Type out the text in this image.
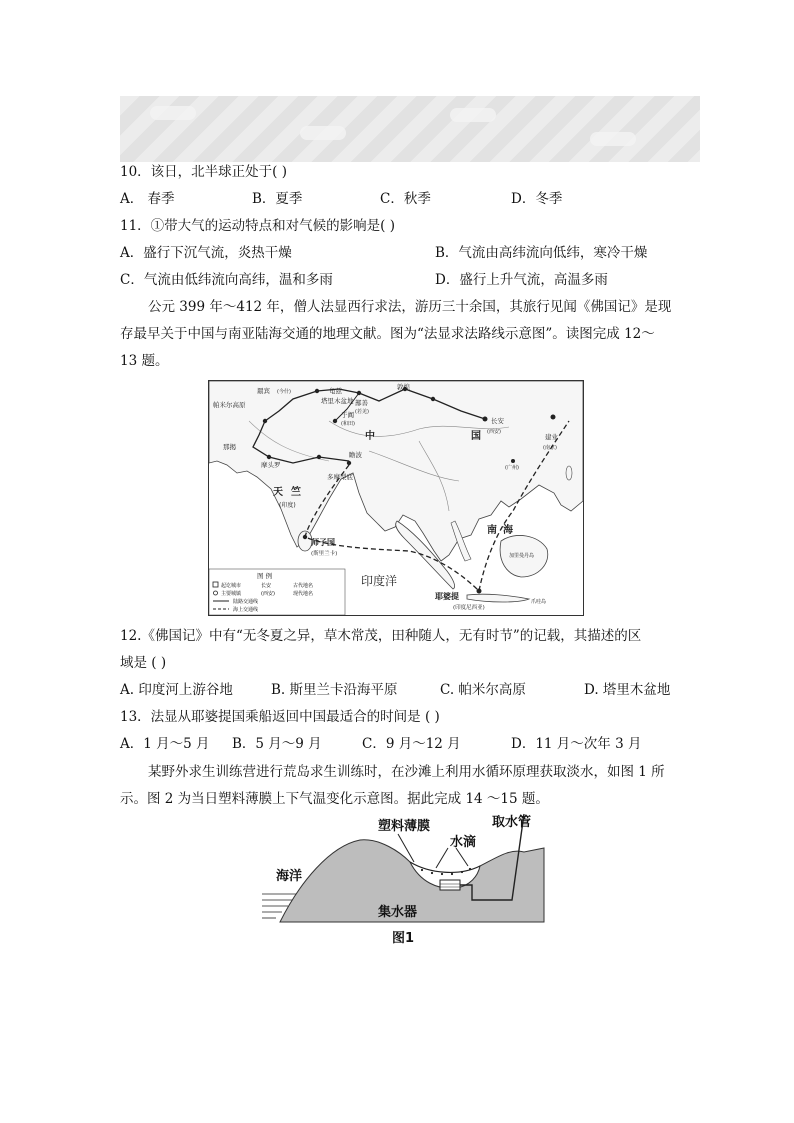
10．该日，北半球正处于( )
A． 春季	B．夏季	C．秋季	D．冬季
11．①带大气的运动特点和对气候的影响是( )
A．盛行下沉气流，炎热干燥	B．气流由高纬流向低纬，寒冷干燥
C．气流由低纬流向高纬，温和多雨	D．盛行上升气流，高温多雨
公元 399 年～412 年，僧人法显西行求法，游历三十余国，其旅行见闻《佛国记》是现
存最早关于中国与南亚陆海交通的地理文献。图为“法显求法路线示意图”。读图完成 12～
13 题。
罽宾 (今什)
帕米尔高原
龟兹
塔里木盆地
于阗
(和田)
鄯善
(若羌)
敦煌
长安
(西安)
建业
(南京)
(广州)
那揭
摩头罗
瞻波
多摩梨底
(印度)
(斯里兰卡)	加里曼丹岛
(印度尼西亚)
爪哇岛
中	国
天 竺
南 海
师子国
耶婆提
印度洋
图 例
起讫城市	长安	古代地名
主要城镇	(西安)	现代地名
陆路交通线
海上交通线
12.《佛国记》中有“无冬夏之异，草木常茂，田种随人，无有时节”的记载，其描述的区
域是 ( )
A. 印度河上游谷地	B. 斯里兰卡沿海平原	C. 帕米尔高原	D. 塔里木盆地
13．法显从耶婆提国乘船返回中国最适合的时间是 ( )
A．1 月～5 月 B．5 月～9 月	C．9 月～12 月	D．11 月～次年 3 月
某野外求生训练营进行荒岛求生训练时，在沙滩上利用水循环原理获取淡水，如图 1 所
示。图 2 为当日塑料薄膜上下气温变化示意图。据此完成 14 ～15 题。
塑料薄膜	取水管
水滴
海洋
集水器
图1
